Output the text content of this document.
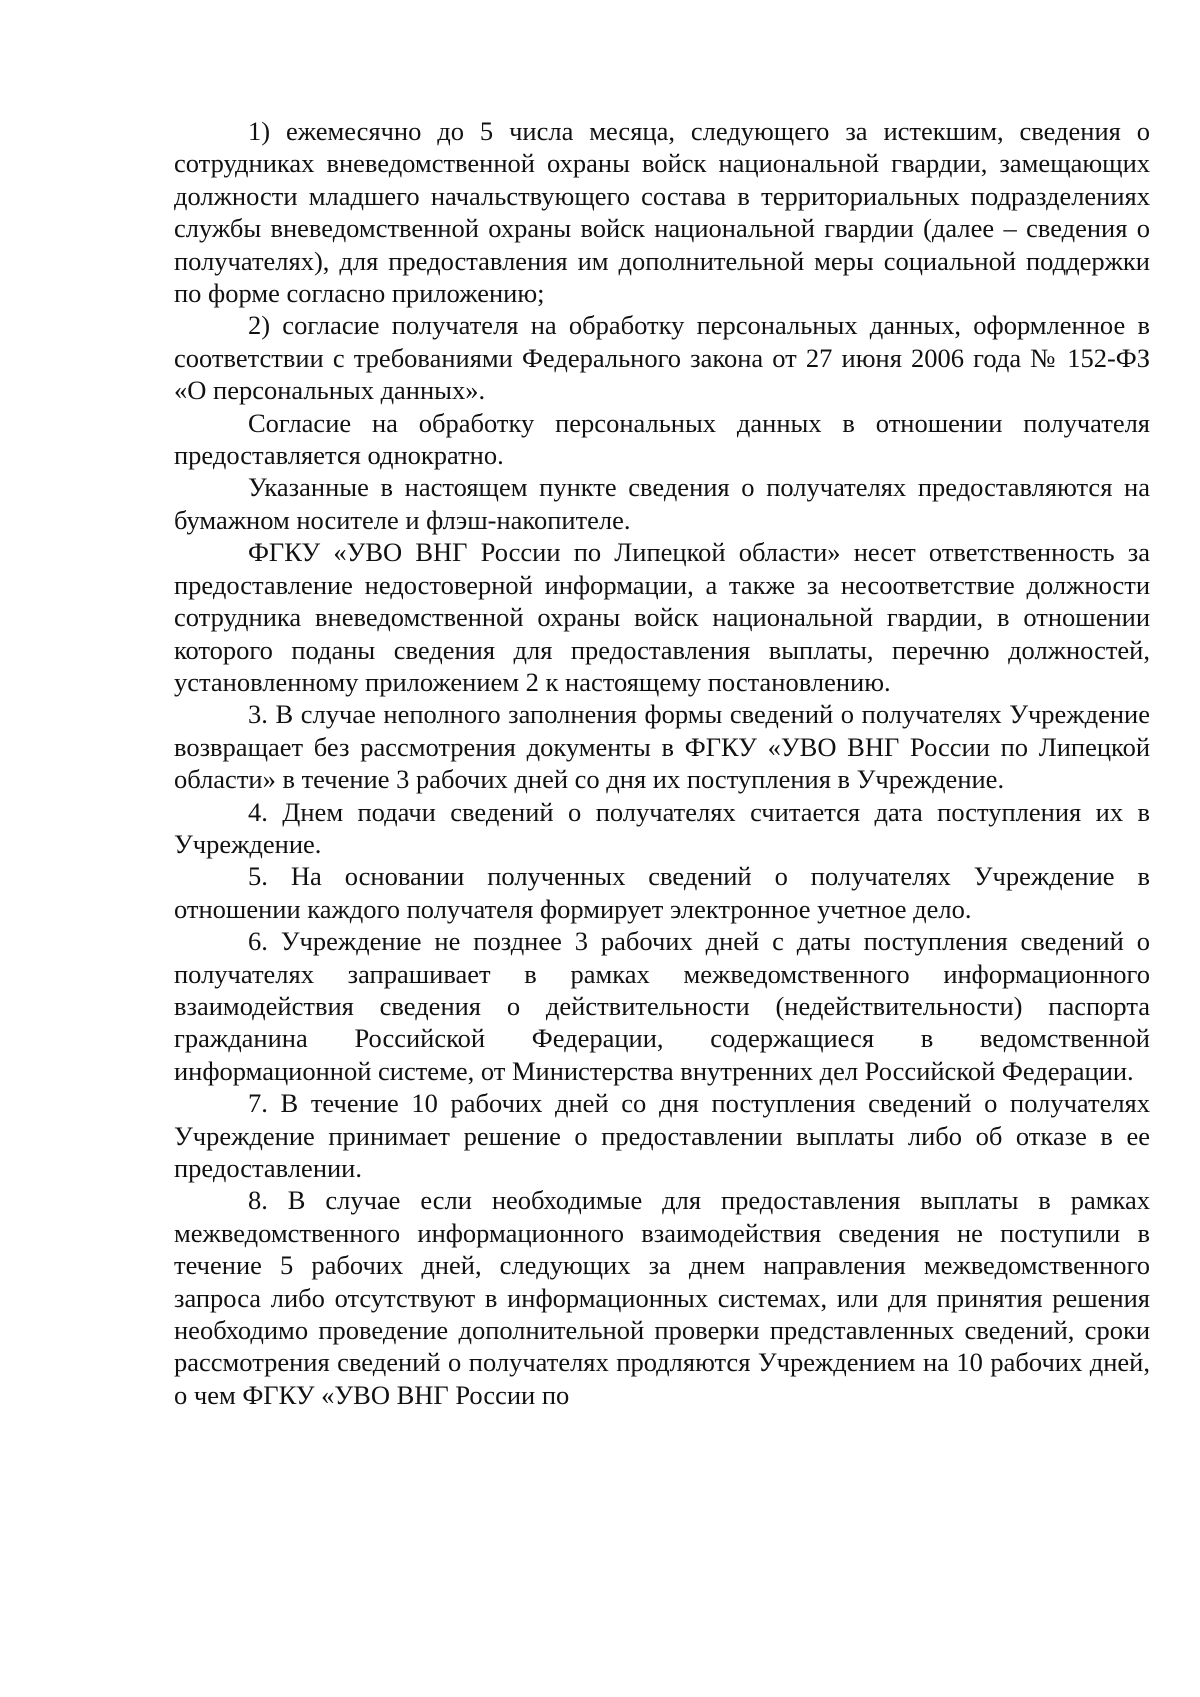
1) ежемесячно до 5 числа месяца, следующего за истекшим, сведения о сотрудниках вневедомственной охраны войск национальной гвардии, замещающих должности младшего начальствующего состава в территориальных подразделениях службы вневедомственной охраны войск национальной гвардии (далее – сведения о получателях), для предоставления им дополнительной меры социальной поддержки по форме согласно приложению;

2) согласие получателя на обработку персональных данных, оформленное в соответствии с требованиями Федерального закона от 27 июня 2006 года № 152-ФЗ «О персональных данных».

Согласие на обработку персональных данных в отношении получателя предоставляется однократно.

Указанные в настоящем пункте сведения о получателях предоставляются на бумажном носителе и флэш-накопителе.

ФГКУ «УВО ВНГ России по Липецкой области» несет ответственность за предоставление недостоверной информации, а также за несоответствие должности сотрудника вневедомственной охраны войск национальной гвардии, в отношении которого поданы сведения для предоставления выплаты, перечню должностей, установленному приложением 2 к настоящему постановлению.

3. В случае неполного заполнения формы сведений о получателях Учреждение возвращает без рассмотрения документы в ФГКУ «УВО ВНГ России по Липецкой области» в течение 3 рабочих дней со дня их поступления в Учреждение.

4. Днем подачи сведений о получателях считается дата поступления их в Учреждение.

5. На основании полученных сведений о получателях Учреждение в отношении каждого получателя формирует электронное учетное дело.

6. Учреждение не позднее 3 рабочих дней с даты поступления сведений о получателях запрашивает в рамках межведомственного информационного взаимодействия сведения о действительности (недействительности) паспорта гражданина Российской Федерации, содержащиеся в ведомственной информационной системе, от Министерства внутренних дел Российской Федерации.

7. В течение 10 рабочих дней со дня поступления сведений о получателях Учреждение принимает решение о предоставлении выплаты либо об отказе в ее предоставлении.

8. В случае если необходимые для предоставления выплаты в рамках межведомственного информационного взаимодействия сведения не поступили в течение 5 рабочих дней, следующих за днем направления межведомственного запроса либо отсутствуют в информационных системах, или для принятия решения необходимо проведение дополнительной проверки представленных сведений, сроки рассмотрения сведений о получателях продляются Учреждением на 10 рабочих дней, о чем ФГКУ «УВО ВНГ России по
